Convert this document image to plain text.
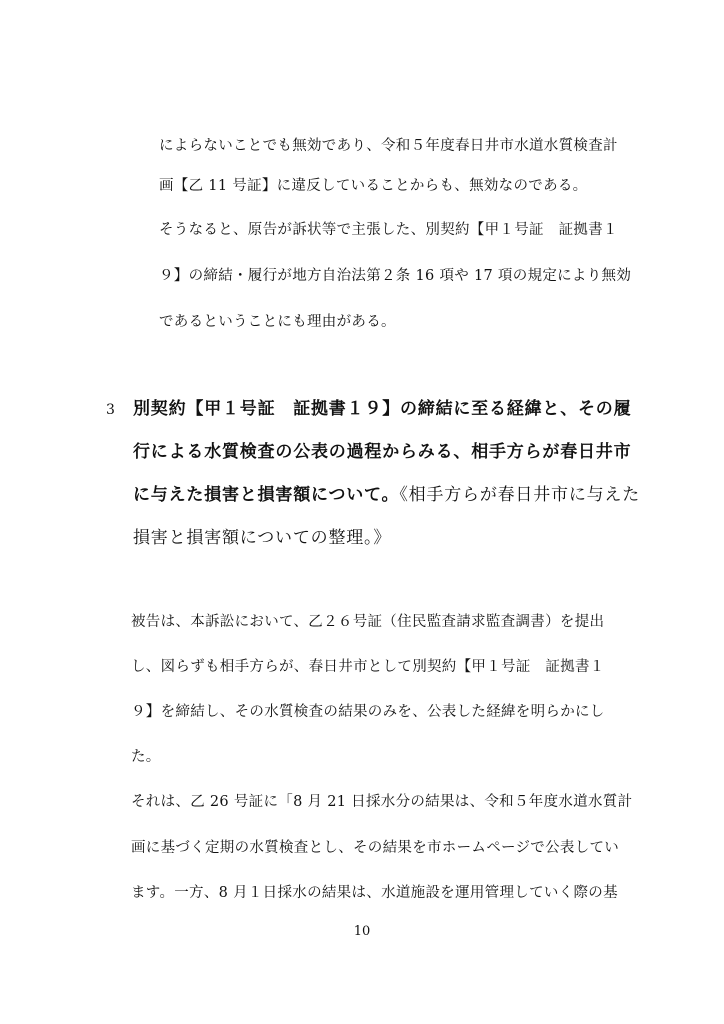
によらないことでも無効であり、令和５年度春日井市水道水質検査計
画【乙 11 号証】に違反していることからも、無効なのである。
そうなると、原告が訴状等で主張した、別契約【甲１号証　証拠書１
９】の締結・履行が地方自治法第２条 16 項や 17 項の規定により無効
であるということにも理由がある。
3 別契約【甲１号証　証拠書１９】の締結に至る経緯と、その履
行による水質検査の公表の過程からみる、相手方らが春日井市
に与えた損害と損害額について。《相手方らが春日井市に与えた
損害と損害額についての整理。》
被告は、本訴訟において、乙２６号証（住民監査請求監査調書）を提出
し、図らずも相手方らが、春日井市として別契約【甲１号証　証拠書１
９】を締結し、その水質検査の結果のみを、公表した経緯を明らかにし
た。
それは、乙 26 号証に「8 月 21 日採水分の結果は、令和５年度水道水質計
画に基づく定期の水質検査とし、その結果を市ホームページで公表してい
ます。一方、8 月１日採水の結果は、水道施設を運用管理していく際の基
10
